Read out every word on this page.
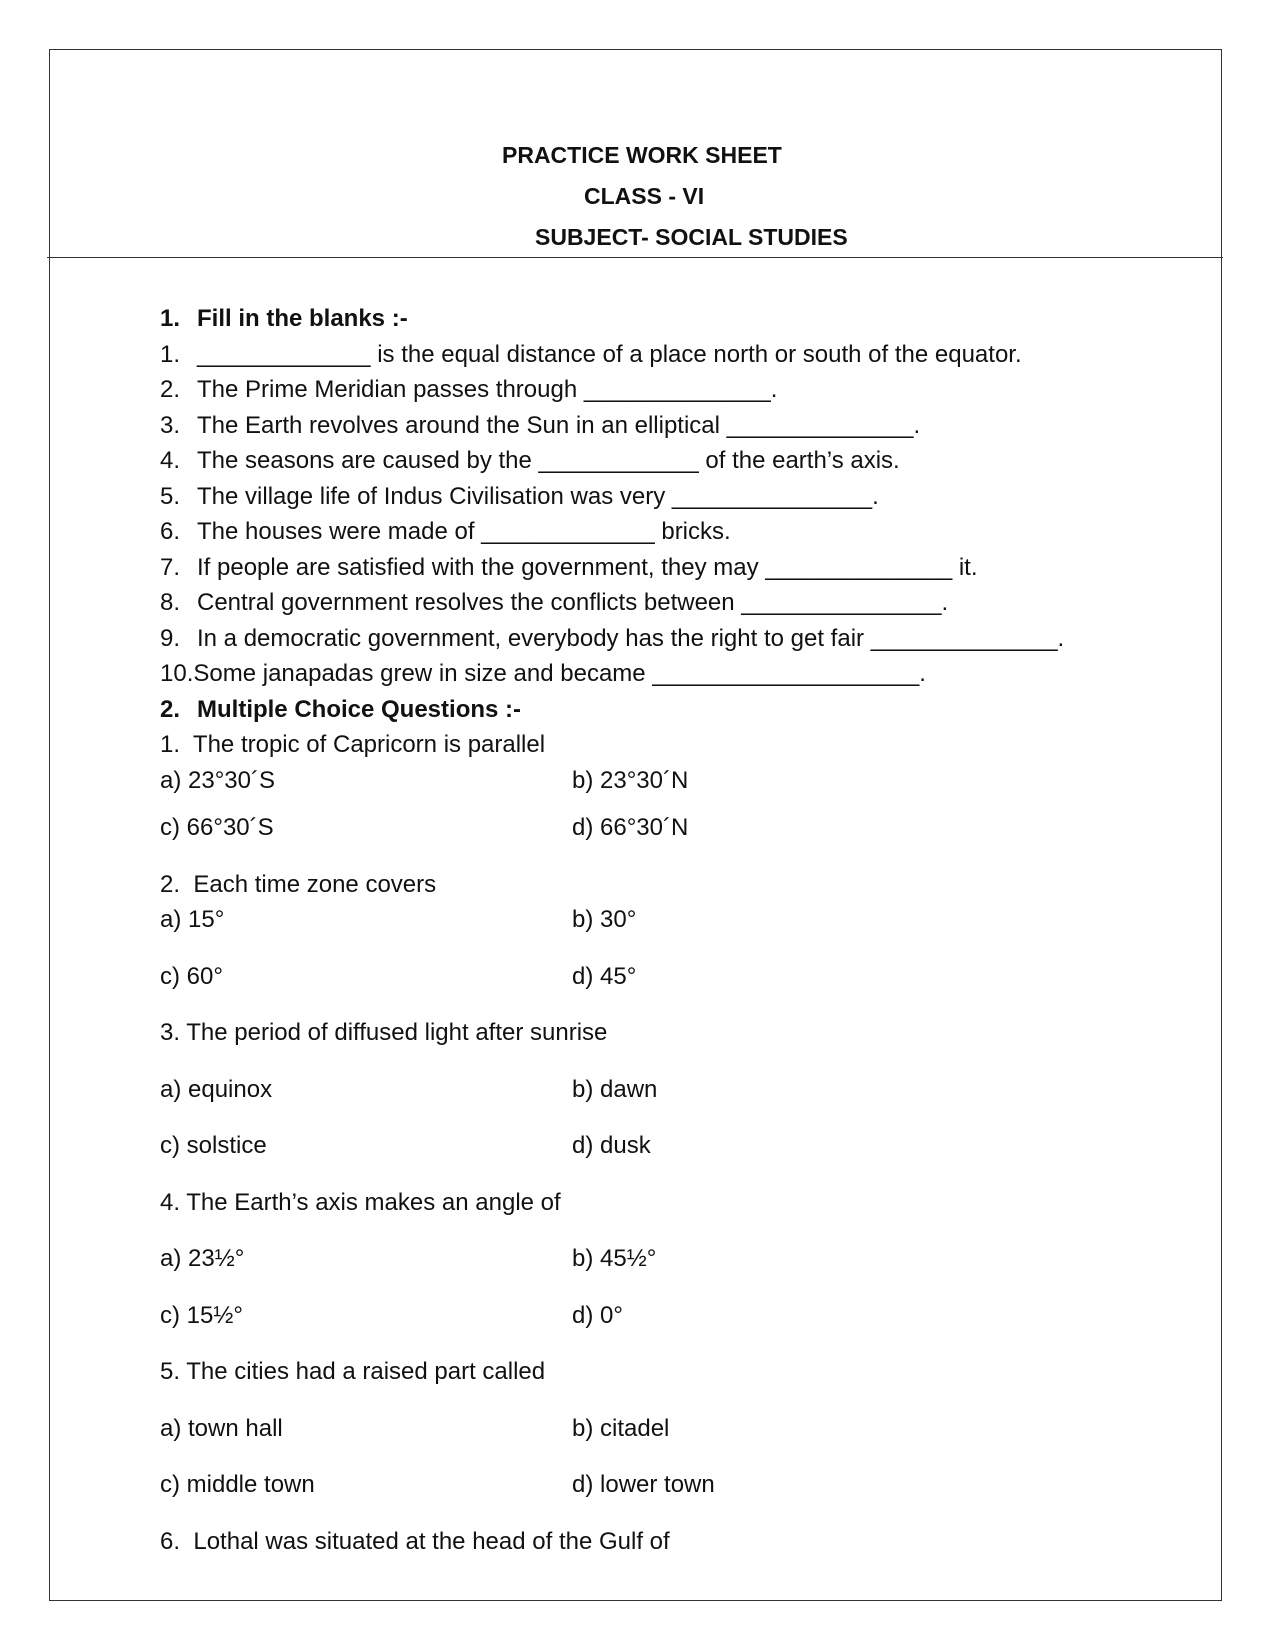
PRACTICE WORK SHEET
CLASS - VI
SUBJECT- SOCIAL STUDIES
1. Fill in the blanks :-
1. _____________ is the equal distance of a place north or south of the equator.
2. The Prime Meridian passes through ______________.
3. The Earth revolves around the Sun in an elliptical ______________.
4. The seasons are caused by the ____________ of the earth’s axis.
5. The village life of Indus Civilisation was very _______________.
6. The houses were made of _____________ bricks.
7. If people are satisfied with the government, they may ______________ it.
8. Central government resolves the conflicts between _______________.
9. In a democratic government, everybody has the right to get fair ______________.
10. Some janapadas grew in size and became ____________________.
2. Multiple Choice Questions :-
1.  The tropic of Capricorn is parallel
a) 23°30´S	b) 23°30´N
c) 66°30´S	d) 66°30´N
2.  Each time zone covers
a) 15°	b) 30°
c) 60°	d) 45°
3. The period of diffused light after sunrise
a) equinox	b) dawn
c) solstice	d) dusk
4. The Earth’s axis makes an angle of
a) 23½°	b) 45½°
c) 15½°	d) 0°
5. The cities had a raised part called
a) town hall	b) citadel
c) middle town	d) lower town
6.  Lothal was situated at the head of the Gulf of
